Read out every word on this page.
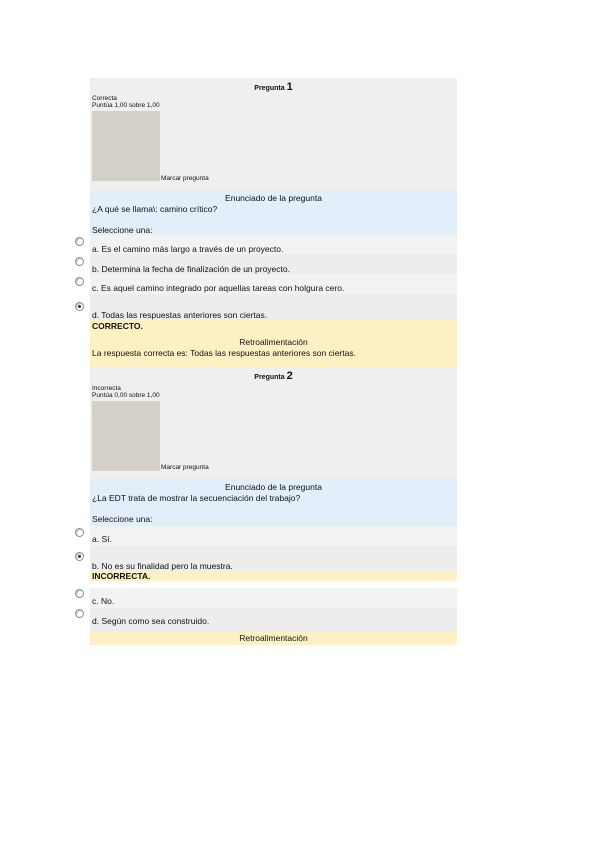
Pregunta 1
Correcta
Puntúa 1,00 sobre 1,00
Marcar pregunta
Enunciado de la pregunta
¿A qué se llama\: camino crítico?
Seleccione una:
a. Es el camino más largo a través de un proyecto.
b. Determina la fecha de finalización de un proyecto.
c. Es aquel camino integrado por aquellas tareas con holgura cero.
d. Todas las respuestas anteriores son ciertas.
CORRECTO.
Retroalimentación
La respuesta correcta es: Todas las respuestas anteriores son ciertas.
Pregunta 2
Incorrecta
Puntúa 0,00 sobre 1,00
Marcar pregunta
Enunciado de la pregunta
¿La EDT trata de mostrar la secuenciación del trabajo?
Seleccione una:
a. Sí.
b. No es su finalidad pero la muestra.
INCORRECTA.
c. No.
d. Según como sea construido.
Retroalimentación
